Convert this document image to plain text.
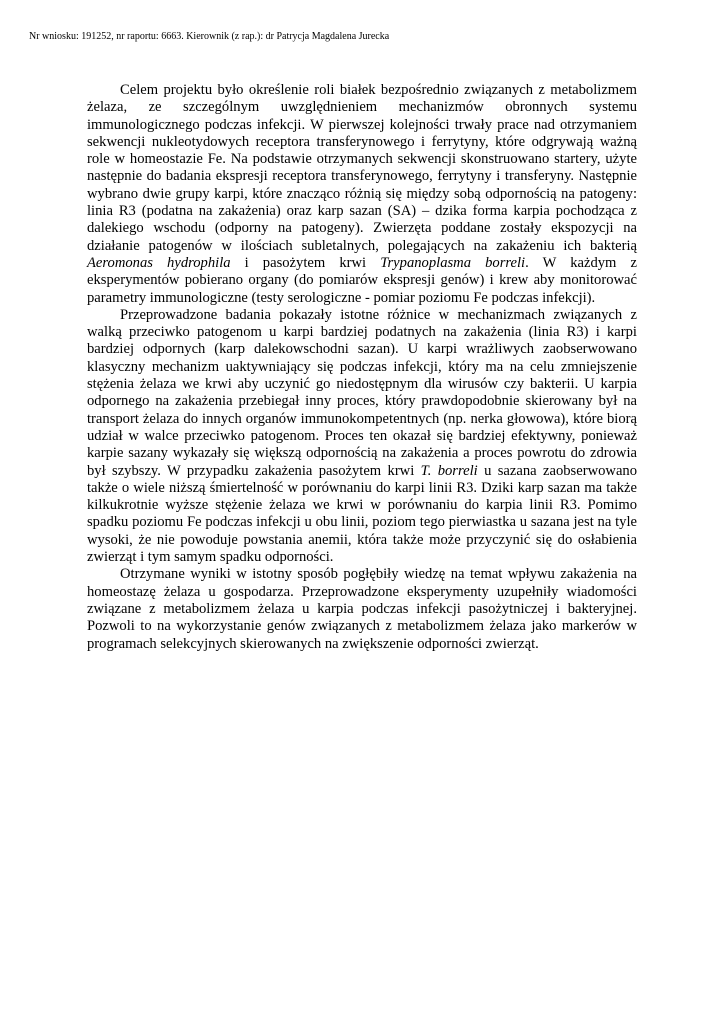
Nr wniosku: 191252, nr raportu: 6663. Kierownik (z rap.): dr Patrycja Magdalena Jurecka

Celem projektu było określenie roli białek bezpośrednio związanych z metabolizmem żelaza, ze szczególnym uwzględnieniem mechanizmów obronnych systemu immunologicznego podczas infekcji. W pierwszej kolejności trwały prace nad otrzymaniem sekwencji nukleotydowych receptora transferynowego i ferrytyny, które odgrywają ważną role w homeostazie Fe. Na podstawie otrzymanych sekwencji skonstruowano startery, użyte następnie do badania ekspresji receptora transferynowego, ferrytyny i transferyny. Następnie wybrano dwie grupy karpi, które znacząco różnią się między sobą odpornością na patogeny: linia R3 (podatna na zakażenia) oraz karp sazan (SA) – dzika forma karpia pochodząca z dalekiego wschodu (odporny na patogeny). Zwierzęta poddane zostały ekspozycji na działanie patogenów w ilościach subletalnych, polegających na zakażeniu ich bakterią Aeromonas hydrophila i pasożytem krwi Trypanoplasma borreli. W każdym z eksperymentów pobierano organy (do pomiarów ekspresji genów) i krew aby monitorować parametry immunologiczne (testy serologiczne - pomiar poziomu Fe podczas infekcji).

Przeprowadzone badania pokazały istotne różnice w mechanizmach związanych z walką przeciwko patogenom u karpi bardziej podatnych na zakażenia (linia R3) i karpi bardziej odpornych (karp dalekowschodni sazan). U karpi wrażliwych zaobserwowano klasyczny mechanizm uaktywniający się podczas infekcji, który ma na celu zmniejszenie stężenia żelaza we krwi aby uczynić go niedostępnym dla wirusów czy bakterii. U karpia odpornego na zakażenia przebiegał inny proces, który prawdopodobnie skierowany był na transport żelaza do innych organów immunokompetentnych (np. nerka głowowa), które biorą udział w walce przeciwko patogenom. Proces ten okazał się bardziej efektywny, ponieważ karpie sazany wykazały się większą odpornością na zakażenia a proces powrotu do zdrowia był szybszy. W przypadku zakażenia pasożytem krwi T. borreli u sazana zaobserwowano także o wiele niższą śmiertelność w porównaniu do karpi linii R3. Dziki karp sazan ma także kilkukrotnie wyższe stężenie żelaza we krwi w porównaniu do karpia linii R3. Pomimo spadku poziomu Fe podczas infekcji u obu linii, poziom tego pierwiastka u sazana jest na tyle wysoki, że nie powoduje powstania anemii, która także może przyczynić się do osłabienia zwierząt i tym samym spadku odporności.

Otrzymane wyniki w istotny sposób pogłębiły wiedzę na temat wpływu zakażenia na homeostazę żelaza u gospodarza. Przeprowadzone eksperymenty uzupełniły wiadomości związane z metabolizmem żelaza u karpia podczas infekcji pasożytniczej i bakteryjnej. Pozwoli to na wykorzystanie genów związanych z metabolizmem żelaza jako markerów w programach selekcyjnych skierowanych na zwiększenie odporności zwierząt.
